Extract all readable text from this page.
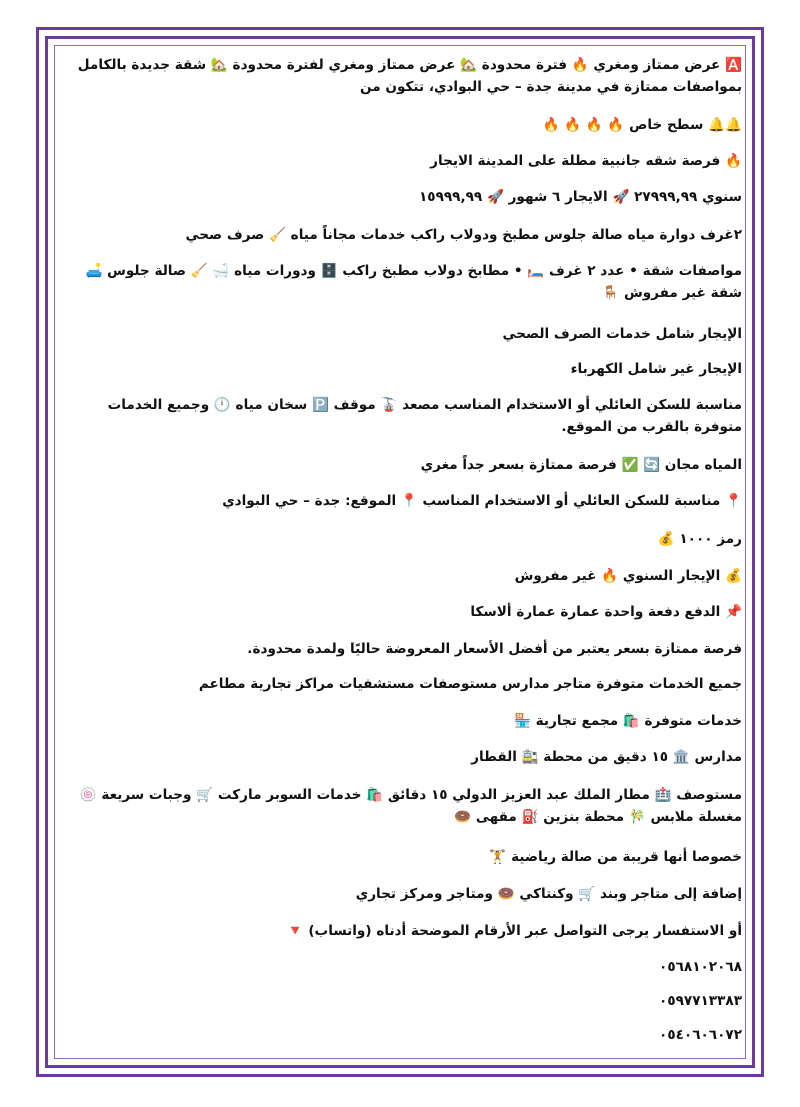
🅰️ عرض ممتاز ومغري 🔥 فترة محدودة 🏡 عرض ممتاز ومغري لفترة محدودة 🏡 شقة جديدة بالكامل بمواصفات ممتازة في مدينة جدة – حي البوادي، تتكون من
🔔🔔 سطح خاص 🔥 🔥 🔥 🔥
🔥 فرصة شقه جانبية مطلة على المدينة الايجار
سنوي ٢٧٩٩٩,٩٩ 🚀 الايجار ٦ شهور 🚀 ١٥٩٩٩,٩٩
٢غرف دوارة مياه صالة جلوس مطبخ ودولاب راكب خدمات مجاناً مياه 🧹 صرف صحي
مواصفات شقة • عدد ٢ غرف 🛏️ • مطابخ دولاب مطبخ راكب 🗄️ ودورات مياه 🛁 🧹 صالة جلوس 🛋️ شقة غير مفروش 🪑
الإيجار شامل خدمات الصرف الصحي
الإيجار غير شامل الكهرباء
مناسبة للسكن العائلي أو الاستخدام المناسب مصعد 🚡 موقف 🅿️ سخان مياه 🕛 وجميع الخدمات متوفرة بالقرب من الموقع.
المياه مجان 🔄 ✅ فرصة ممتازة بسعر جداً مغري
📍 مناسبة للسكن العائلي أو الاستخدام المناسب 📍 الموقع: جدة – حي البوادي
رمز ١٠٠٠ 💰
💰 الإيجار السنوي 🔥 غير مفروش
📌 الدفع دفعة واحدة عمارة عمارة ألاسكا
فرصة ممتازة بسعر يعتبر من أفضل الأسعار المعروضة حاليًا ولمدة محدودة.
جميع الخدمات متوفرة متاجر مدارس مستوصفات مستشفيات مراكز تجارية مطاعم
خدمات متوفرة 🛍️ مجمع تجارية 🏪
مدارس 🏛️ ١٥ دقيق من محطة 🚉 القطار
مستوصف 🏥 مطار الملك عبد العزيز الدولي ١٥ دقائق 🛍️ خدمات السوبر ماركت 🛒 وجبات سريعة 🍥 مغسلة ملابس 🎋 محطة بنزين ⛽ مقهى 🍩
خصوصا أنها قريبة من صالة رياضية 🏋️
إضافة إلى متاجر وبند 🛒 وكنتاكي 🍩 ومتاجر ومركز تجاري
أو الاستفسار يرجى التواصل عبر الأرقام الموضحة أدناه (واتساب) 🔻
٠٥٦٨١٠٢٠٦٨
٠٥٩٧٧١٣٣٨٣
٠٥٤٠٦٠٦٠٧٢
